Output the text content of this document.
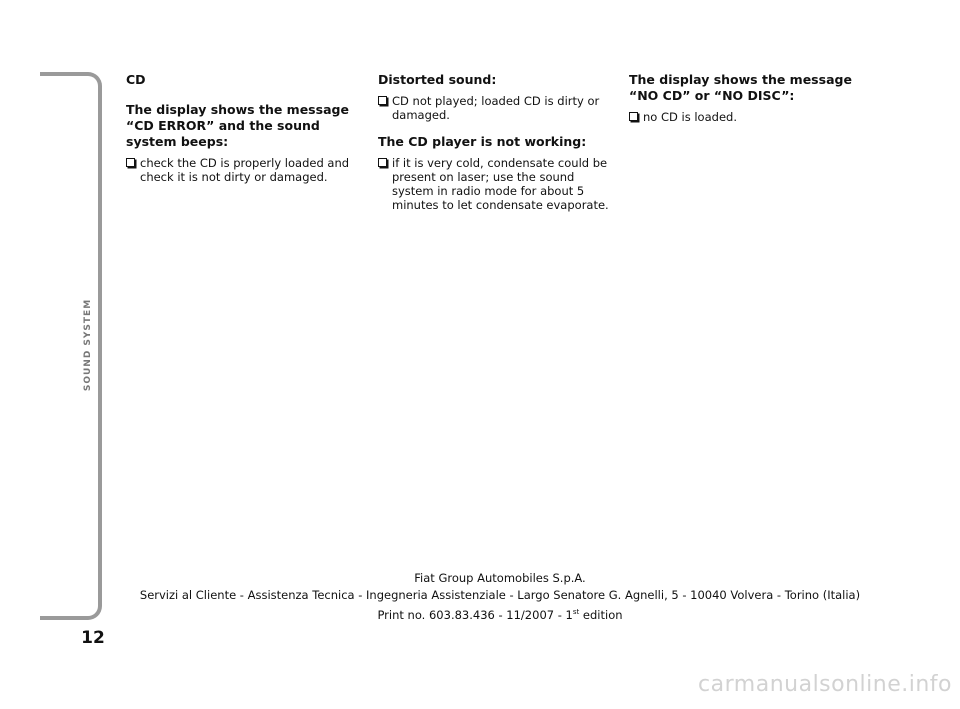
SOUND SYSTEM
12

CD

The display shows the message “CD ERROR” and the sound system beeps:

check the CD is properly loaded and check it is not dirty or damaged.

Distorted sound:

CD not played; loaded CD is dirty or damaged.

The CD player is not working:

if it is very cold, condensate could be present on laser; use the sound system in radio mode for about 5 minutes to let condensate evaporate.

The display shows the message “NO CD” or “NO DISC”:

no CD is loaded.
Fiat Group Automobiles S.p.A.
Servizi al Cliente - Assistenza Tecnica - Ingegneria Assistenziale - Largo Senatore G. Agnelli, 5 - 10040 Volvera - Torino (Italia)
Print no. 603.83.436 - 11/2007 - 1st edition
carmanualsonline.info
